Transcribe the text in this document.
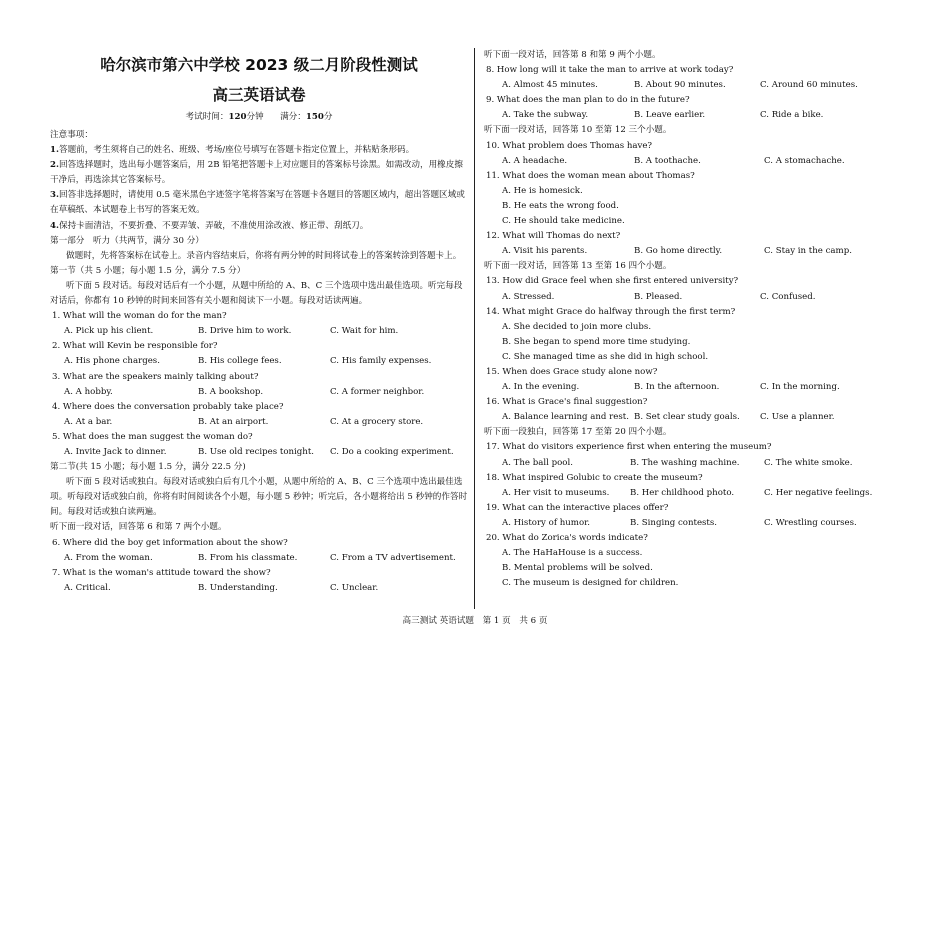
哈尔滨市第六中学校 2023 级二月阶段性测试
高三英语试卷
考试时间：120分钟 满分：150分
注意事项：
1.答题前，考生须将自己的姓名、班级、考场/座位号填写在答题卡指定位置上，并粘贴条形码。
2.回答选择题时，选出每小题答案后，用 2B 铅笔把答题卡上对应题目的答案标号涂黑。如需改动，用橡皮擦干净后，再选涂其它答案标号。
3.回答非选择题时，请使用 0.5 毫米黑色字迹签字笔将答案写在答题卡各题目的答题区域内，超出答题区域或在草稿纸、本试题卷上书写的答案无效。
4.保持卡面清洁，不要折叠、不要弄皱、弄破，不准使用涂改液、修正带、刮纸刀。
第一部分　听力（共两节，满分 30 分）
做题时，先将答案标在试卷上。录音内容结束后，你将有两分钟的时间将试卷上的答案转涂到答题卡上。
第一节（共 5 小题；每小题 1.5 分，满分 7.5 分）
听下面 5 段对话。每段对话后有一个小题，从题中所给的 A、B、C 三个选项中选出最佳选项。听完每段对话后，你都有 10 秒钟的时间来回答有关小题和阅读下一小题。每段对话读两遍。
1. What will the woman do for the man?
A. Pick up his client.	B. Drive him to work.	C. Wait for him.
2. What will Kevin be responsible for?
A. His phone charges.	B. His college fees.	C. His family expenses.
3. What are the speakers mainly talking about?
A. A hobby.	B. A bookshop.	C. A former neighbor.
4. Where does the conversation probably take place?
A. At a bar.	B. At an airport.	C. At a grocery store.
5. What does the man suggest the woman do?
A. Invite Jack to dinner.	B. Use old recipes tonight. C. Do a cooking experiment.
第二节(共 15 小题；每小题 1.5 分，满分 22.5 分)
听下面 5 段对话或独白。每段对话或独白后有几个小题，从题中所给的 A、B、C 三个选项中选出最佳选项。听每段对话或独白前，你将有时间阅读各个小题，每小题 5 秒钟；听完后，各小题将给出 5 秒钟的作答时间。每段对话或独白读两遍。
听下面一段对话，回答第 6 和第 7 两个小题。
6. Where did the boy get information about the show?
A. From the woman.	B. From his classmate.	C. From a TV advertisement.
7. What is the woman's attitude toward the show?
A. Critical.	B. Understanding.	C. Unclear.
听下面一段对话，回答第 8 和第 9 两个小题。
8. How long will it take the man to arrive at work today?
A. Almost 45 minutes.	B. About 90 minutes.	C. Around 60 minutes.
9. What does the man plan to do in the future?
A. Take the subway.	B. Leave earlier.	C. Ride a bike.
听下面一段对话，回答第 10 至第 12 三个小题。
10. What problem does Thomas have?
A. A headache.	B. A toothache.	C. A stomachache.
11. What does the woman mean about Thomas?
A. He is homesick.
B. He eats the wrong food.
C. He should take medicine.
12. What will Thomas do next?
A. Visit his parents.	B. Go home directly.	C. Stay in the camp.
听下面一段对话，回答第 13 至第 16 四个小题。
13. How did Grace feel when she first entered university?
A. Stressed.	B. Pleased.	C. Confused.
14. What might Grace do halfway through the first term?
A. She decided to join more clubs.
B. She began to spend more time studying.
C. She managed time as she did in high school.
15. When does Grace study alone now?
A. In the evening.	B. In the afternoon.	C. In the morning.
16. What is Grace's final suggestion?
A. Balance learning and rest. B. Set clear study goals. C. Use a planner.
听下面一段独白，回答第 17 至第 20 四个小题。
17. What do visitors experience first when entering the museum?
A. The ball pool.	B. The washing machine.	C. The white smoke.
18. What inspired Golubic to create the museum?
A. Her visit to museums. B. Her childhood photo.	C. Her negative feelings.
19. What can the interactive places offer?
A. History of humor.	B. Singing contests.	C. Wrestling courses.
20. What do Zorica's words indicate?
A. The HaHaHouse is a success.
B. Mental problems will be solved.
C. The museum is designed for children.
高三测试 英语试题　第 1 页　共 6 页
